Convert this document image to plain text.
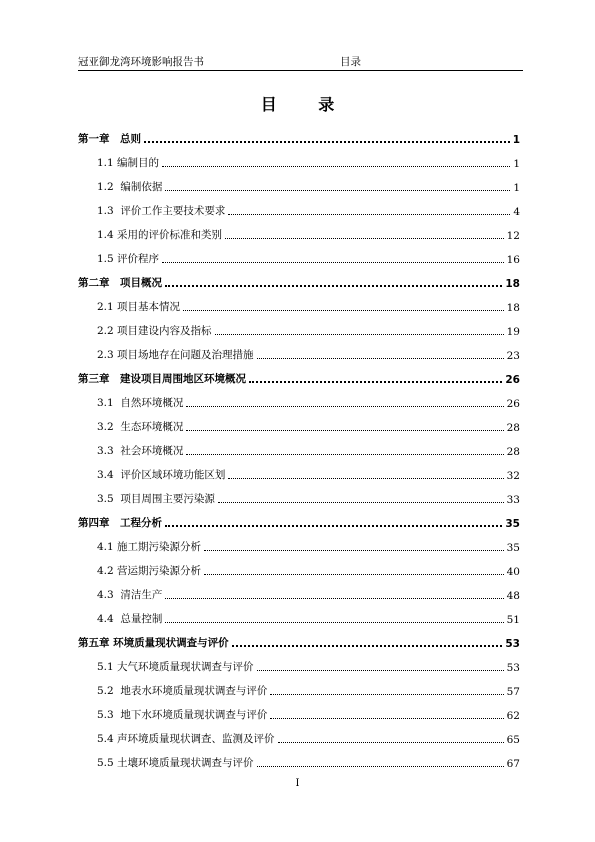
冠亚御龙湾环境影响报告书	目录
目 录
第一章　总则	1
1.1 编制目的	1
1.2  编制依据	1
1.3  评价工作主要技术要求	4
1.4 采用的评价标准和类别	12
1.5 评价程序	16
第二章　项目概况	18
2.1 项目基本情况	18
2.2 项目建设内容及指标	19
2.3 项目场地存在问题及治理措施	23
第三章　建设项目周围地区环境概况	26
3.1  自然环境概况	26
3.2  生态环境概况	28
3.3  社会环境概况	28
3.4  评价区域环境功能区划	32
3.5  项目周围主要污染源	33
第四章　工程分析	35
4.1 施工期污染源分析	35
4.2 营运期污染源分析	40
4.3  清洁生产	48
4.4  总量控制	51
第五章 环境质量现状调查与评价	53
5.1 大气环境质量现状调查与评价	53
5.2  地表水环境质量现状调查与评价	57
5.3  地下水环境质量现状调查与评价	62
5.4 声环境质量现状调查、监测及评价	65
5.5 土壤环境质量现状调查与评价	67
I
